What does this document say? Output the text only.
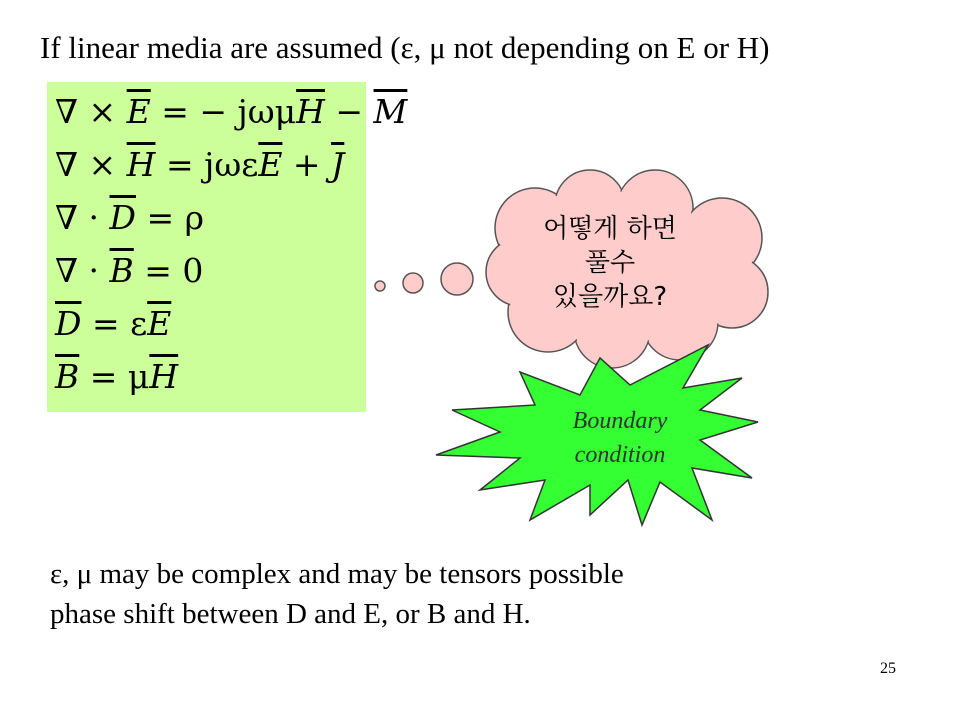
If linear media are assumed (ε, μ not depending on E or H)
∇ × $\overline{E}$ = − $j\omega\mu\overline{H} - \overline{M}$
∇ × $\overline{H} = j\omega\varepsilon\overline{E} + \overline{J}$
∇ · $\overline{D} = \rho$
∇ · $\overline{B} = 0$
$\overline{D} = \varepsilon\overline{E}$
$\overline{B} = \mu\overline{H}$
어떻게 하면
풀수
있을까요?
Boundary
condition
ε, μ may be complex and may be tensors possible
phase shift between D and E, or B and H.
25
